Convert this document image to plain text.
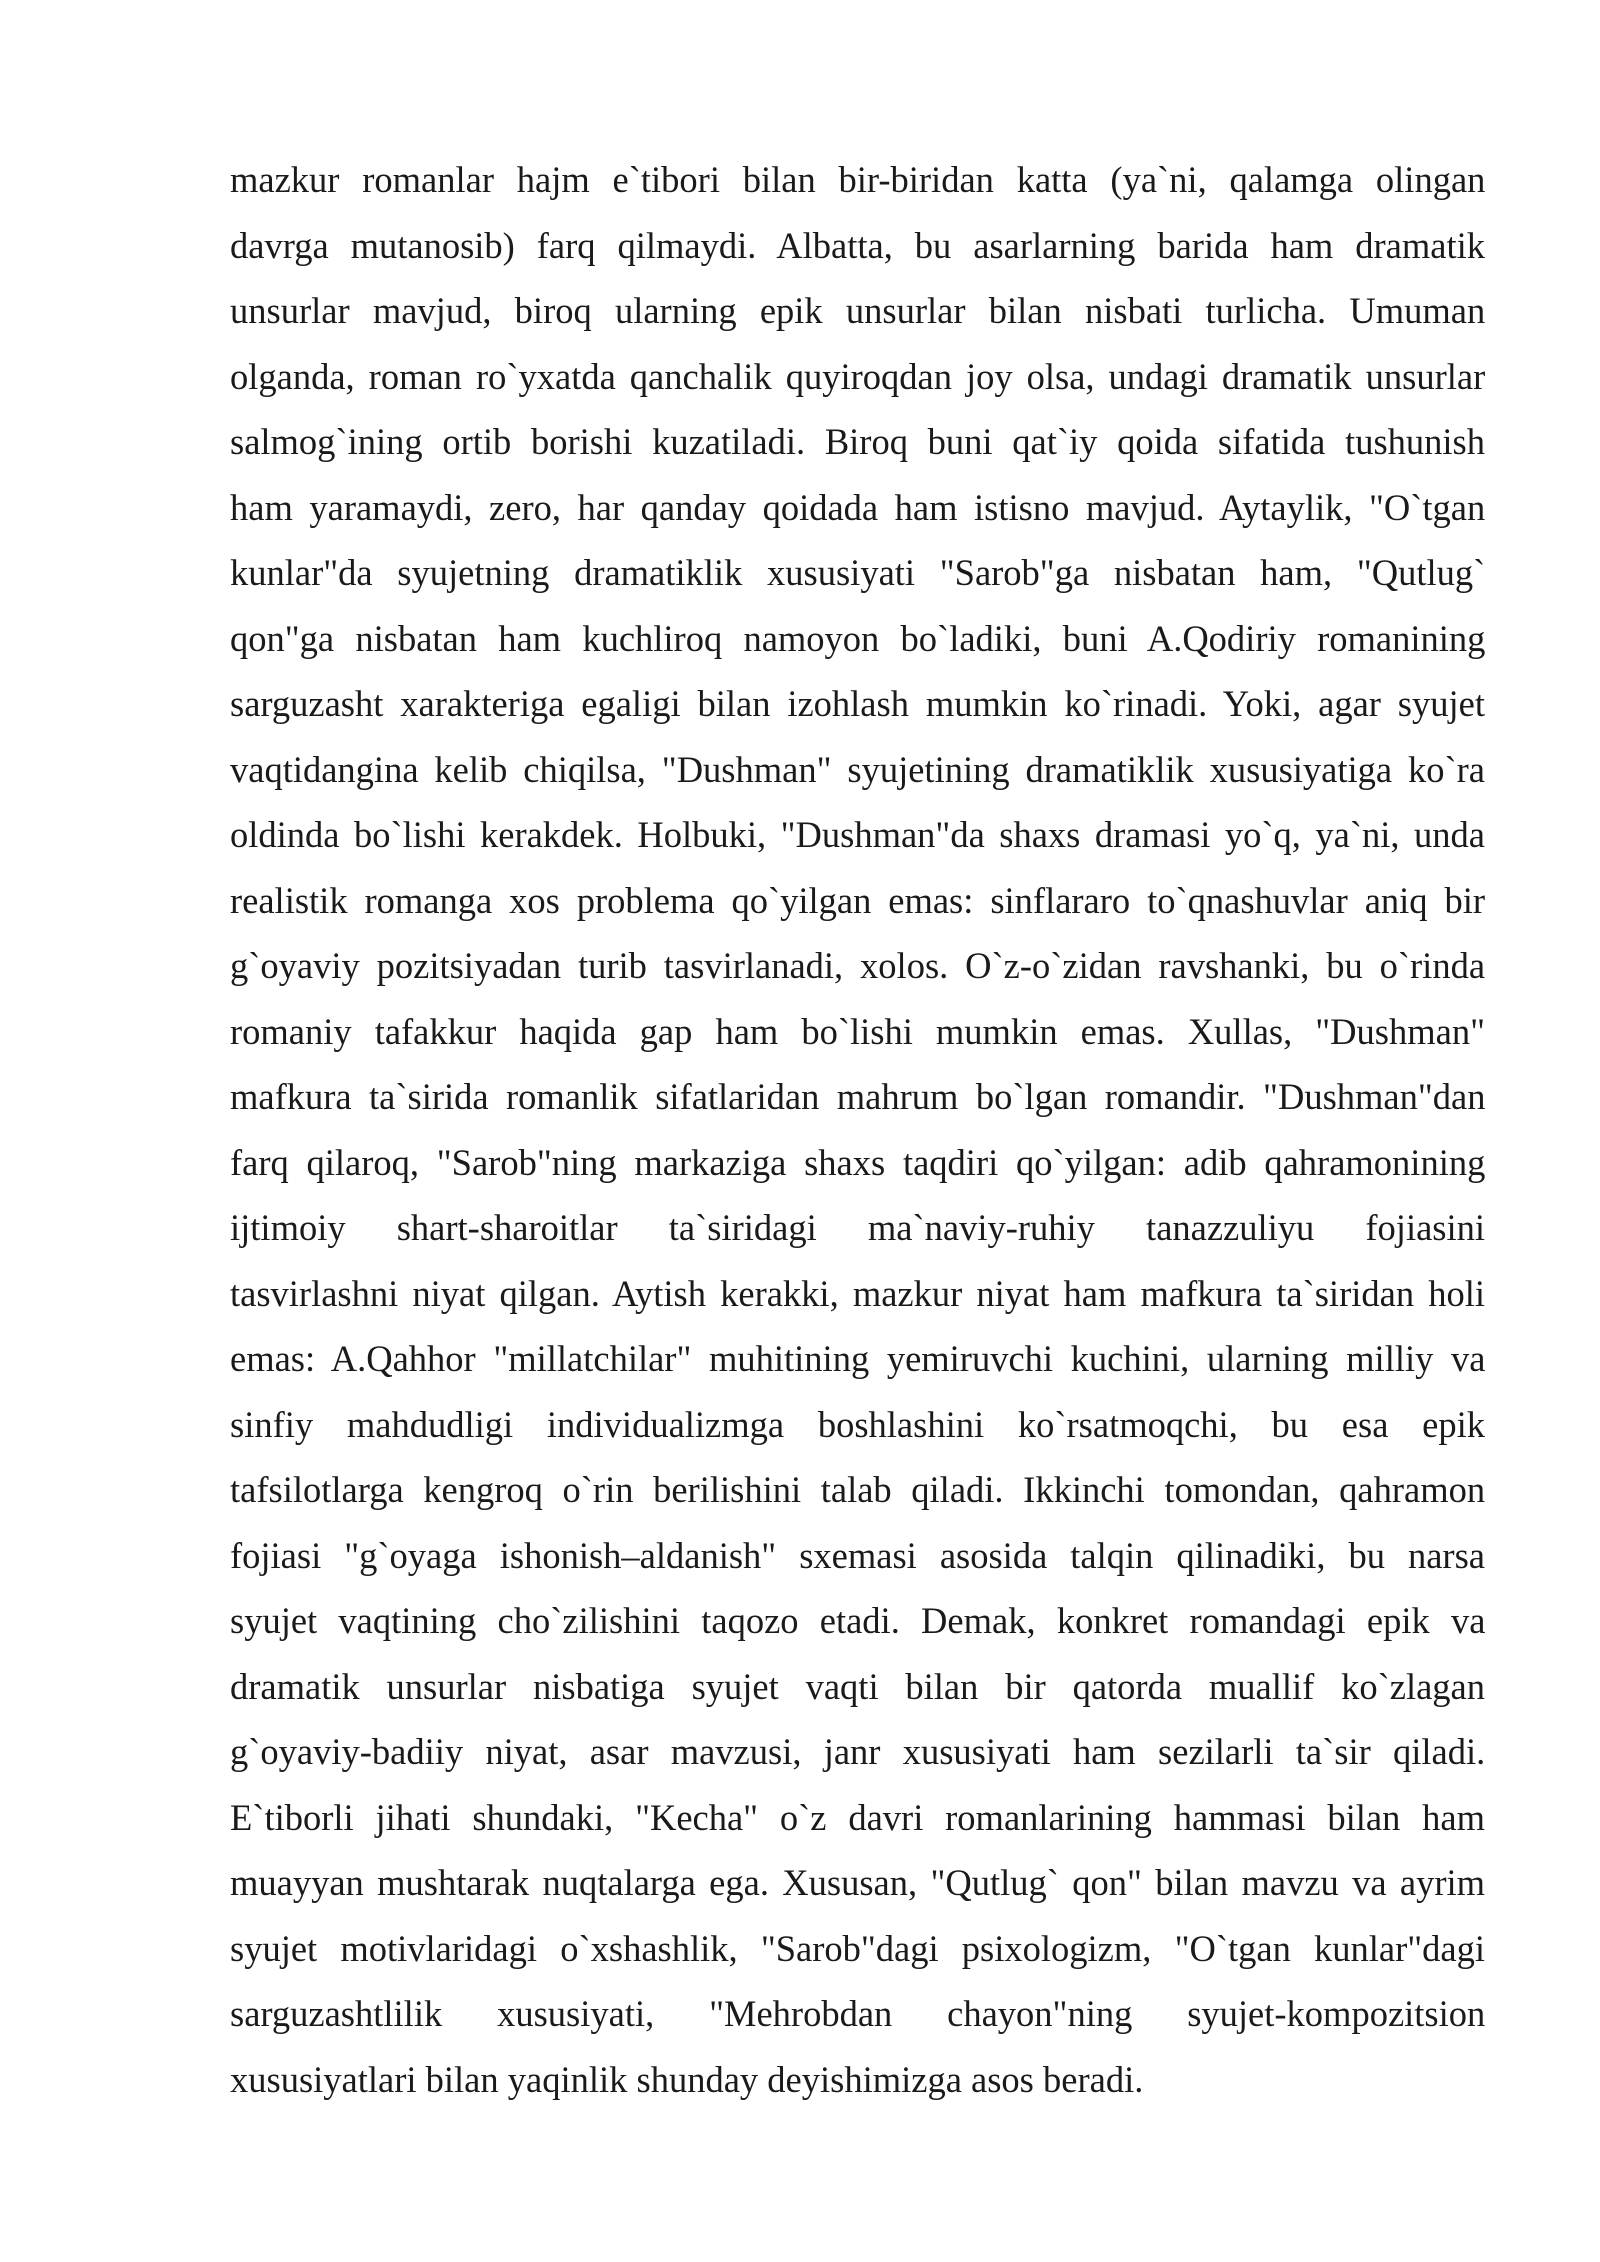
mazkur romanlar hajm e`tibori bilan bir-biridan katta (ya`ni, qalamga olingan
davrga mutanosib) farq qilmaydi. Albatta, bu asarlarning barida ham dramatik
unsurlar mavjud, biroq ularning epik unsurlar bilan nisbati turlicha. Umuman
olganda, roman ro`yxatda qanchalik quyiroqdan joy olsa, undagi dramatik unsurlar
salmog`ining ortib borishi kuzatiladi. Biroq buni qat`iy qoida sifatida tushunish
ham yaramaydi, zero, har qanday qoidada ham istisno mavjud. Aytaylik, "O`tgan
kunlar"da syujetning dramatiklik xususiyati "Sarob"ga nisbatan ham, "Qutlug`
qon"ga nisbatan ham kuchliroq namoyon bo`ladiki, buni A.Qodiriy romanining
sarguzasht xarakteriga egaligi bilan izohlash mumkin ko`rinadi. Yoki, agar syujet
vaqtidangina kelib chiqilsa, "Dushman" syujetining dramatiklik xususiyatiga ko`ra
oldinda bo`lishi kerakdek. Holbuki, "Dushman"da shaxs dramasi yo`q, ya`ni, unda
realistik romanga xos problema qo`yilgan emas: sinflararo to`qnashuvlar aniq bir
g`oyaviy pozitsiyadan turib tasvirlanadi, xolos. O`z-o`zidan ravshanki, bu o`rinda
romaniy tafakkur haqida gap ham bo`lishi mumkin emas. Xullas, "Dushman"
mafkura ta`sirida romanlik sifatlaridan mahrum bo`lgan romandir. "Dushman"dan
farq qilaroq, "Sarob"ning markaziga shaxs taqdiri qo`yilgan: adib qahramonining
ijtimoiy shart-sharoitlar ta`siridagi ma`naviy-ruhiy tanazzuliyu fojiasini
tasvirlashni niyat qilgan. Aytish kerakki, mazkur niyat ham mafkura ta`siridan holi
emas: A.Qahhor "millatchilar" muhitining yemiruvchi kuchini, ularning milliy va
sinfiy mahdudligi individualizmga boshlashini ko`rsatmoqchi, bu esa epik
tafsilotlarga kengroq o`rin berilishini talab qiladi. Ikkinchi tomondan, qahramon
fojiasi "g`oyaga ishonish–aldanish" sxemasi asosida talqin qilinadiki, bu narsa
syujet vaqtining cho`zilishini taqozo etadi. Demak, konkret romandagi epik va
dramatik unsurlar nisbatiga syujet vaqti bilan bir qatorda muallif ko`zlagan
g`oyaviy-badiiy niyat, asar mavzusi, janr xususiyati ham sezilarli ta`sir qiladi.
E`tiborli jihati shundaki, "Kecha" o`z davri romanlarining hammasi bilan ham
muayyan mushtarak nuqtalarga ega. Xususan, "Qutlug` qon" bilan mavzu va ayrim
syujet motivlaridagi o`xshashlik, "Sarob"dagi psixologizm, "O`tgan kunlar"dagi
sarguzashtlilik xususiyati, "Mehrobdan chayon"ning syujet-kompozitsion
xususiyatlari bilan yaqinlik shunday deyishimizga asos beradi.
